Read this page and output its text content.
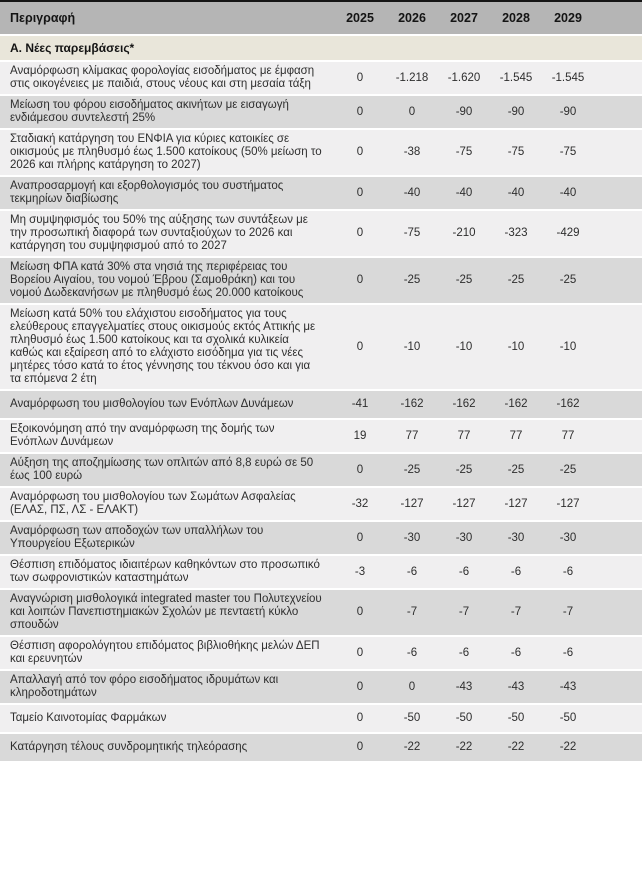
Περιγραφή	2025	2026	2027	2028	2029
Α. Νέες παρεμβάσεις*
Αναμόρφωση κλίμακας φορολογίας εισοδήματος με έμφαση στις οικογένειες με παιδιά, στους νέους και στη μεσαία τάξη
0	-1.218	-1.620	-1.545	-1.545
Μείωση του φόρου εισοδήματος ακινήτων με εισαγωγή ενδιάμεσου συντελεστή 25%
0	0	-90	-90	-90
Σταδιακή κατάργηση του ΕΝΦΙΑ για κύριες κατοικίες σε οικισμούς με πληθυσμό έως 1.500 κατοίκους (50% μείωση το 2026 και πλήρης κατάργηση το 2027)
0	-38	-75	-75	-75
Αναπροσαρμογή και εξορθολογισμός του συστήματος τεκμηρίων διαβίωσης
0	-40	-40	-40	-40
Μη συμψηφισμός του 50% της αύξησης των συντάξεων με την προσωπική διαφορά των συνταξιούχων το 2026 και κατάργηση του συμψηφισμού από το 2027
0	-75	-210	-323	-429
Μείωση ΦΠΑ κατά 30% στα νησιά της περιφέρειας του Βορείου Αιγαίου, του νομού Έβρου (Σαμοθράκη) και του νομού Δωδεκανήσων με πληθυσμό έως 20.000 κατοίκους
0	-25	-25	-25	-25
Μείωση κατά 50% του ελάχιστου εισοδήματος για τους ελεύθερους επαγγελματίες στους οικισμούς εκτός Αττικής με πληθυσμό έως 1.500 κατοίκους και τα σχολικά κυλικεία καθώς και εξαίρεση από το ελάχιστο εισόδημα για τις νέες μητέρες τόσο κατά το έτος γέννησης του τέκνου όσο και για τα επόμενα 2 έτη
0	-10	-10	-10	-10
Αναμόρφωση του μισθολογίου των Ενόπλων Δυνάμεων	-41	-162	-162	-162	-162
Εξοικονόμηση από την αναμόρφωση της δομής των Ενόπλων Δυνάμεων
19	77	77	77	77
Αύξηση της αποζημίωσης των οπλιτών από 8,8 ευρώ σε 50 έως 100 ευρώ
0	-25	-25	-25	-25
Αναμόρφωση του μισθολογίου των Σωμάτων Ασφαλείας (ΕΛΑΣ, ΠΣ, ΛΣ - ΕΛΑΚΤ)
-32	-127	-127	-127	-127
Αναμόρφωση των αποδοχών των υπαλλήλων του Υπουργείου Εξωτερικών
0	-30	-30	-30	-30
Θέσπιση επιδόματος ιδιαιτέρων καθηκόντων στο προσωπικό των σωφρονιστικών καταστημάτων
-3	-6	-6	-6	-6
Αναγνώριση μισθολογικά integrated master του Πολυτεχνείου και λοιπών Πανεπιστημιακών Σχολών με πενταετή κύκλο σπουδών
0	-7	-7	-7	-7
Θέσπιση αφορολόγητου επιδόματος βιβλιοθήκης μελών ΔΕΠ και ερευνητών
0	-6	-6	-6	-6
Απαλλαγή από τον φόρο εισοδήματος ιδρυμάτων και κληροδοτημάτων
0	0	-43	-43	-43
Ταμείο Καινοτομίας Φαρμάκων	0	-50	-50	-50	-50
Κατάργηση τέλους συνδρομητικής τηλεόρασης	0	-22	-22	-22	-22
